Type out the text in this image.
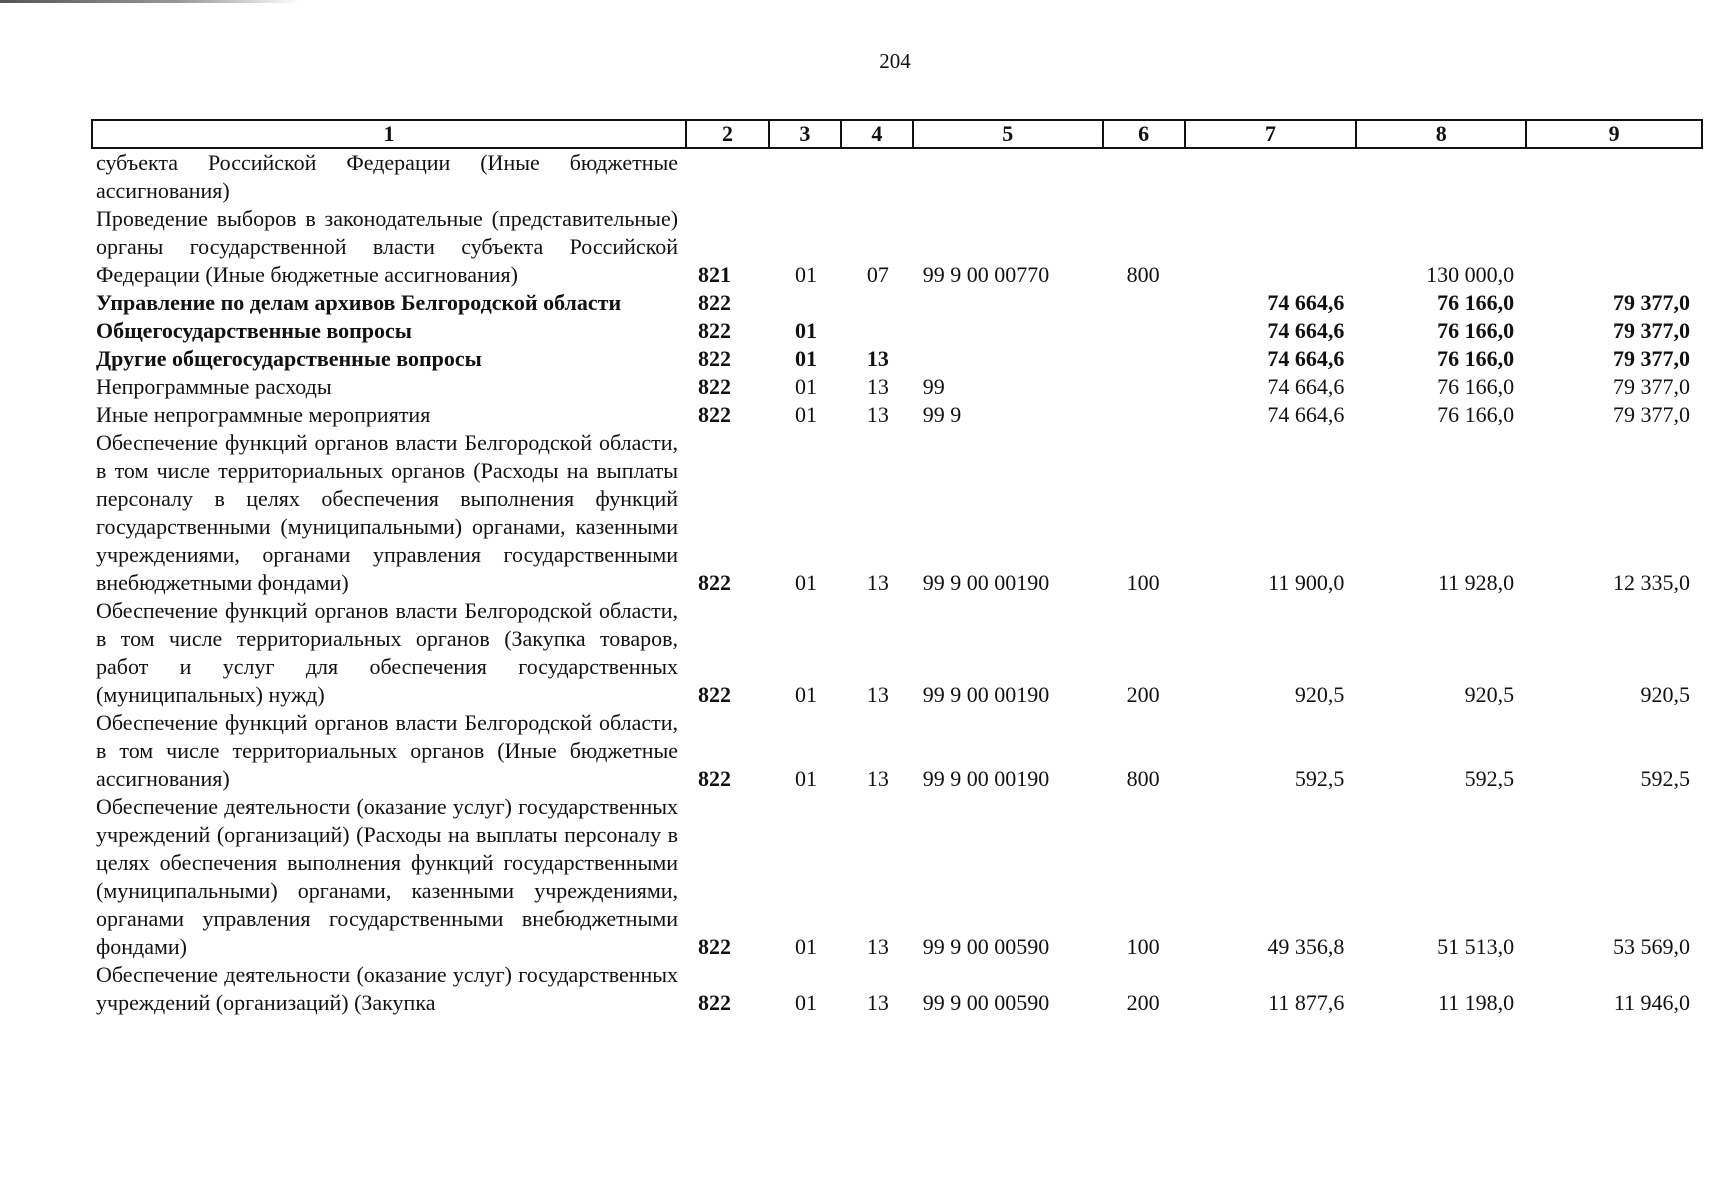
204
1	2	3	4	5	6	7	8	9
субъекта Российской Федерации (Иные бюджетные ассигнования)								
Проведение выборов в законодательные (представительные) органы государственной власти субъекта Российской Федерации (Иные бюджетные ассигнования)	821	01	07	99 9 00 00770	800		130 000,0	
Управление по делам архивов Белгородской области	822					74 664,6	76 166,0	79 377,0
Общегосударственные вопросы	822	01				74 664,6	76 166,0	79 377,0
Другие общегосударственные вопросы	822	01	13			74 664,6	76 166,0	79 377,0
Непрограммные расходы	822	01	13	99		74 664,6	76 166,0	79 377,0
Иные непрограммные мероприятия	822	01	13	99 9		74 664,6	76 166,0	79 377,0
Обеспечение функций органов власти Белгородской области, в том числе территориальных органов (Расходы на выплаты персоналу в целях обеспечения выполнения функций государственными (муниципальными) органами, казенными учреждениями, органами управления государственными внебюджетными фондами)	822	01	13	99 9 00 00190	100	11 900,0	11 928,0	12 335,0
Обеспечение функций органов власти Белгородской области, в том числе территориальных органов (Закупка товаров, работ и услуг для обеспечения государственных (муниципальных) нужд)	822	01	13	99 9 00 00190	200	920,5	920,5	920,5
Обеспечение функций органов власти Белгородской области, в том числе территориальных органов (Иные бюджетные ассигнования)	822	01	13	99 9 00 00190	800	592,5	592,5	592,5
Обеспечение деятельности (оказание услуг) государственных учреждений (организаций) (Расходы на выплаты персоналу в целях обеспечения выполнения функций государственными (муниципальными) органами, казенными учреждениями, органами управления государственными внебюджетными фондами)	822	01	13	99 9 00 00590	100	49 356,8	51 513,0	53 569,0
Обеспечение деятельности (оказание услуг) государственных учреждений (организаций) (Закупка	822	01	13	99 9 00 00590	200	11 877,6	11 198,0	11 946,0
